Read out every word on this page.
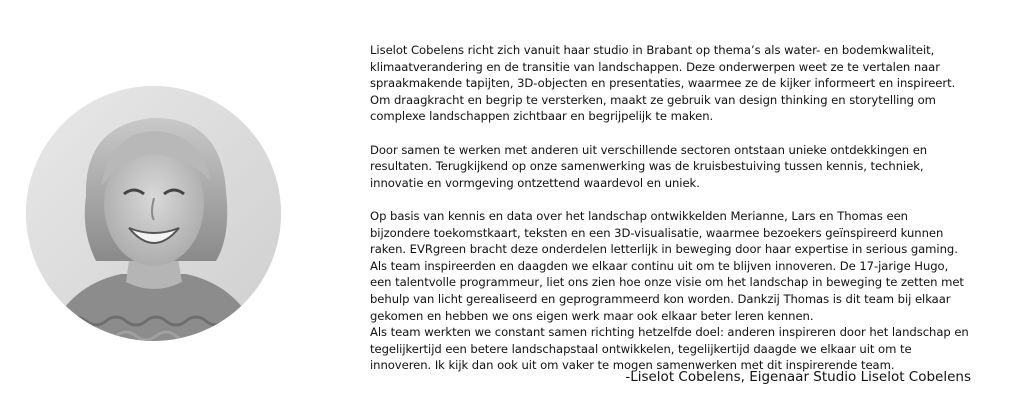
Liselot Cobelens richt zich vanuit haar studio in Brabant op thema’s als water- en bodemkwaliteit, klimaatverandering en de transitie van landschappen. Deze onderwerpen weet ze te vertalen naar spraakmakende tapijten, 3D-objecten en presentaties, waarmee ze de kijker informeert en inspireert. Om draagkracht en begrip te versterken, maakt ze gebruik van design thinking en storytelling om complexe landschappen zichtbaar en begrijpelijk te maken.

Door samen te werken met anderen uit verschillende sectoren ontstaan unieke ontdekkingen en resultaten. Terugkijkend op onze samenwerking was de kruisbestuiving tussen kennis, techniek, innovatie en vormgeving ontzettend waardevol en uniek.

Op basis van kennis en data over het landschap ontwikkelden Merianne, Lars en Thomas een bijzondere toekomstkaart, teksten en een 3D-visualisatie, waarmee bezoekers geïnspireerd kunnen raken. EVRgreen bracht deze onderdelen letterlijk in beweging door haar expertise in serious gaming. Als team inspireerden en daagden we elkaar continu uit om te blijven innoveren. De 17-jarige Hugo, een talentvolle programmeur, liet ons zien hoe onze visie om het landschap in beweging te zetten met behulp van licht gerealiseerd en geprogrammeerd kon worden. Dankzij Thomas is dit team bij elkaar gekomen en hebben we ons eigen werk maar ook elkaar beter leren kennen.

Als team werkten we constant samen richting hetzelfde doel: anderen inspireren door het landschap en tegelijkertijd een betere landschapstaal ontwikkelen, tegelijkertijd daagde we elkaar uit om te innoveren. Ik kijk dan ook uit om vaker te mogen samenwerken met dit inspirerende team.

-Liselot Cobelens, Eigenaar Studio Liselot Cobelens
